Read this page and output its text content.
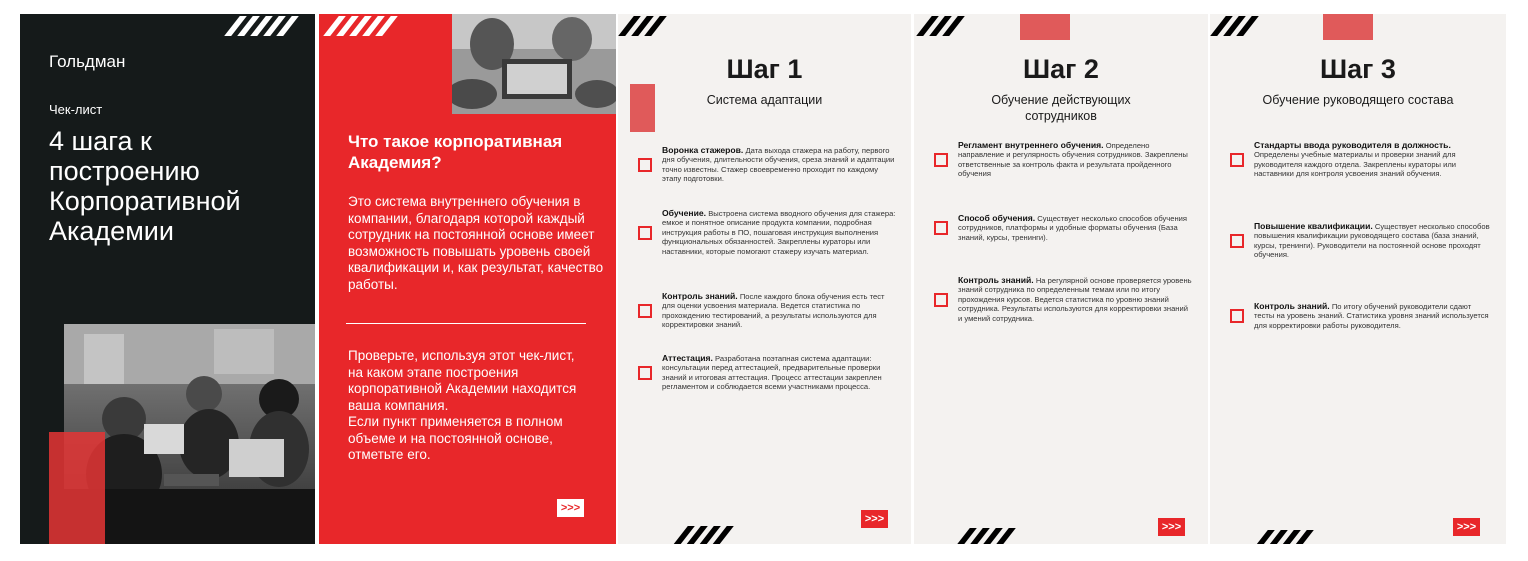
Гольдман
Чек-лист
4 шага к построению Корпоративной Академии
Что такое корпоративная Академия?
Это система внутреннего обучения в компании, благодаря которой каждый сотрудник на постоянной основе имеет возможность повышать уровень своей квалификации и, как результат, качество работы.
Проверьте, используя этот чек-лист, на каком этапе построения корпоративной Академии находится ваша компания.
Если пункт применяется в полном объеме и на постоянной основе, отметьте его.
>>>
Шаг 1
Система адаптации

Воронка стажеров. Дата выхода стажера на работу, первого дня обучения, длительности обучения, среза знаний и адаптации точно известны. Стажер своевременно проходит по каждому этапу подготовки.

Обучение. Выстроена система вводного обучения для стажера: емкое и понятное описание продукта компании, подробная инструкция работы в ПО, пошаговая инструкция выполнения функциональных обязанностей. Закреплены кураторы или наставники, которые помогают стажеру изучать материал.

Контроль знаний. После каждого блока обучения есть тест для оценки усвоения материала. Ведется статистика по прохождению тестирований, а результаты используются для корректировки знаний.

Аттестация. Разработана поэтапная система адаптации: консультации перед аттестацией, предварительные проверки знаний и итоговая аттестация. Процесс аттестации закреплен регламентом и соблюдается всеми участниками процесса.

>>>
Шаг 2
Обучение действующих сотрудников

Регламент внутреннего обучения. Определено направление и регулярность обучения сотрудников. Закреплены ответственные за контроль факта и результата пройденного обучения

Способ обучения. Существует несколько способов обучения сотрудников, платформы и удобные форматы обучения (База знаний, курсы, тренинги).

Контроль знаний. На регулярной основе проверяется уровень знаний сотрудника по определенным темам или по итогу прохождения курсов. Ведется статистика по уровню знаний сотрудника. Результаты используются для корректировки знаний и умений сотрудника.

>>>
Шаг 3
Обучение руководящего состава

Стандарты ввода руководителя в должность. Определены учебные материалы и проверки знаний для руководителя каждого отдела. Закреплены кураторы или наставники для контроля усвоения знаний обучения.

Повышение квалификации. Существует несколько способов повышения квалификации руководящего состава (база знаний, курсы, тренинги). Руководители на постоянной основе проходят обучения.

Контроль знаний. По итогу обучений руководители сдают тесты на уровень знаний. Статистика уровня знаний используется для корректировки работы руководителя.

>>>
